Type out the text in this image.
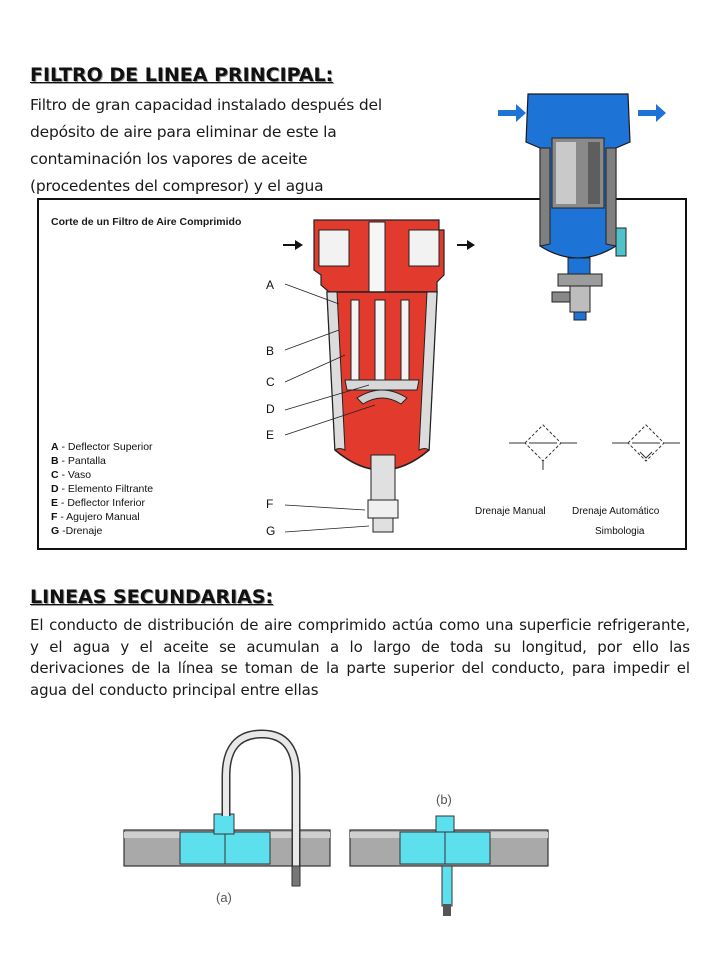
FILTRO DE LINEA PRINCIPAL:
Filtro de gran capacidad instalado después del
depósito de aire para eliminar de este la
contaminación los vapores de aceite
(procedentes del compresor) y el agua
Corte de un Filtro de Aire Comprimido
A
B
C
D
E
F
G
A - Deflector Superior
B - Pantalla
C - Vaso
D - Elemento Filtrante
E - Deflector Inferior
F - Agujero Manual
G -Drenaje
Drenaje Manual	Drenaje Automático
Simbologia
LINEAS SECUNDARIAS:
El conducto de distribución de aire comprimido actúa como una superficie refrigerante, y el agua y el aceite se acumulan a lo largo de toda su longitud, por ello las derivaciones de la línea se toman de la parte superior del conducto, para impedir el agua del conducto principal entre ellas
(a)
(b)
